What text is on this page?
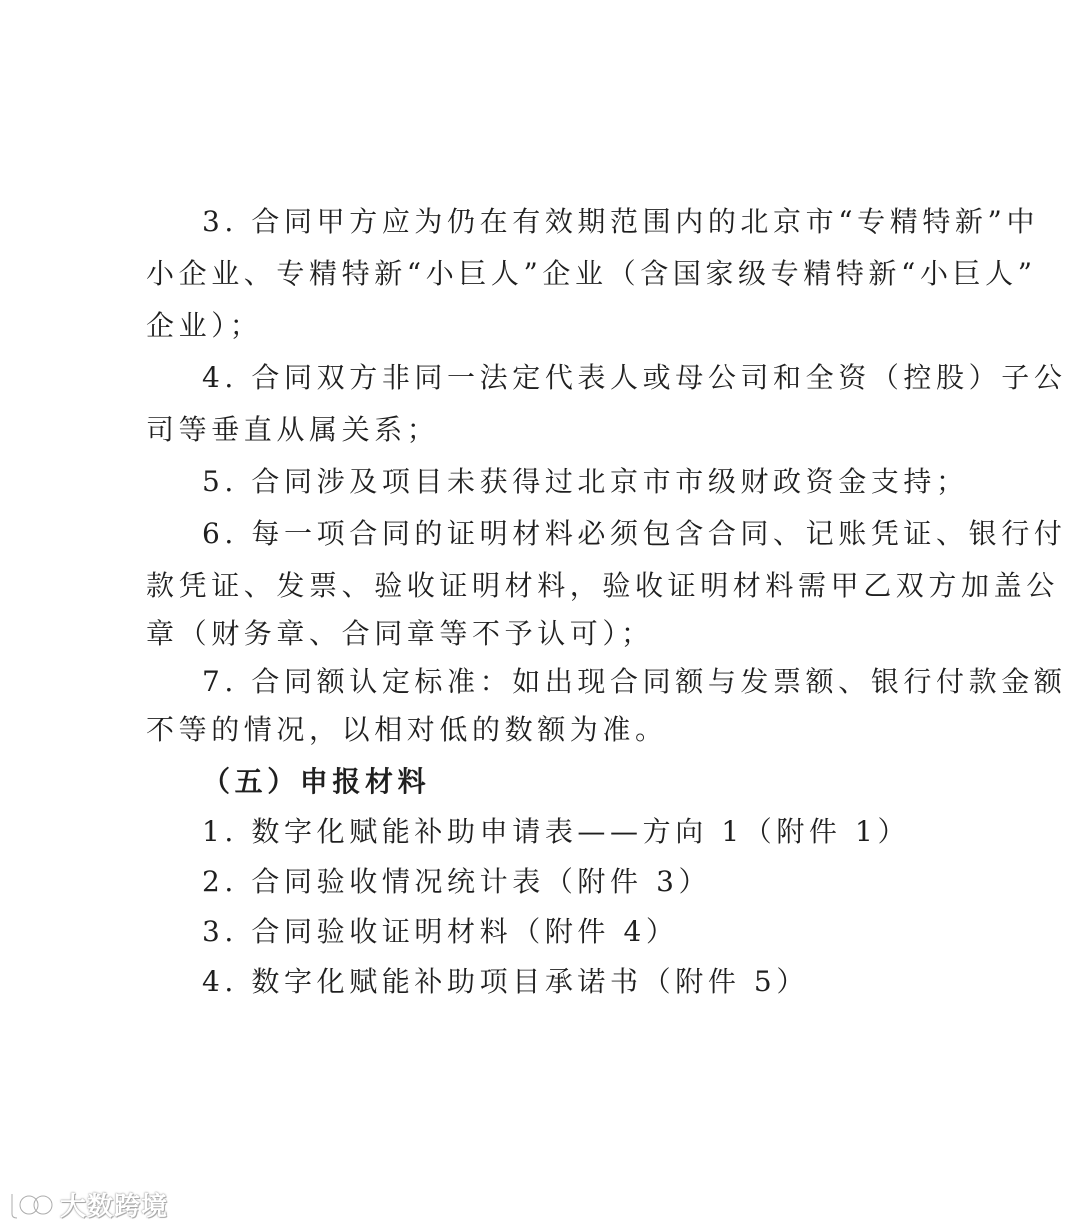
3. 合同甲方应为仍在有效期范围内的北京市“专精特新”中
小企业、专精特新“小巨人”企业（含国家级专精特新“小巨人”
企业）；
4. 合同双方非同一法定代表人或母公司和全资（控股）子公
司等垂直从属关系；
5. 合同涉及项目未获得过北京市市级财政资金支持；
6. 每一项合同的证明材料必须包含合同、记账凭证、银行付
款凭证、发票、验收证明材料，验收证明材料需甲乙双方加盖公
章（财务章、合同章等不予认可）；
7. 合同额认定标准：如出现合同额与发票额、银行付款金额
不等的情况，以相对低的数额为准。
（五）申报材料
1. 数字化赋能补助申请表——方向 1（附件 1）
2. 合同验收情况统计表（附件 3）
3. 合同验收证明材料（附件 4）
4. 数字化赋能补助项目承诺书（附件 5）
大数跨境
